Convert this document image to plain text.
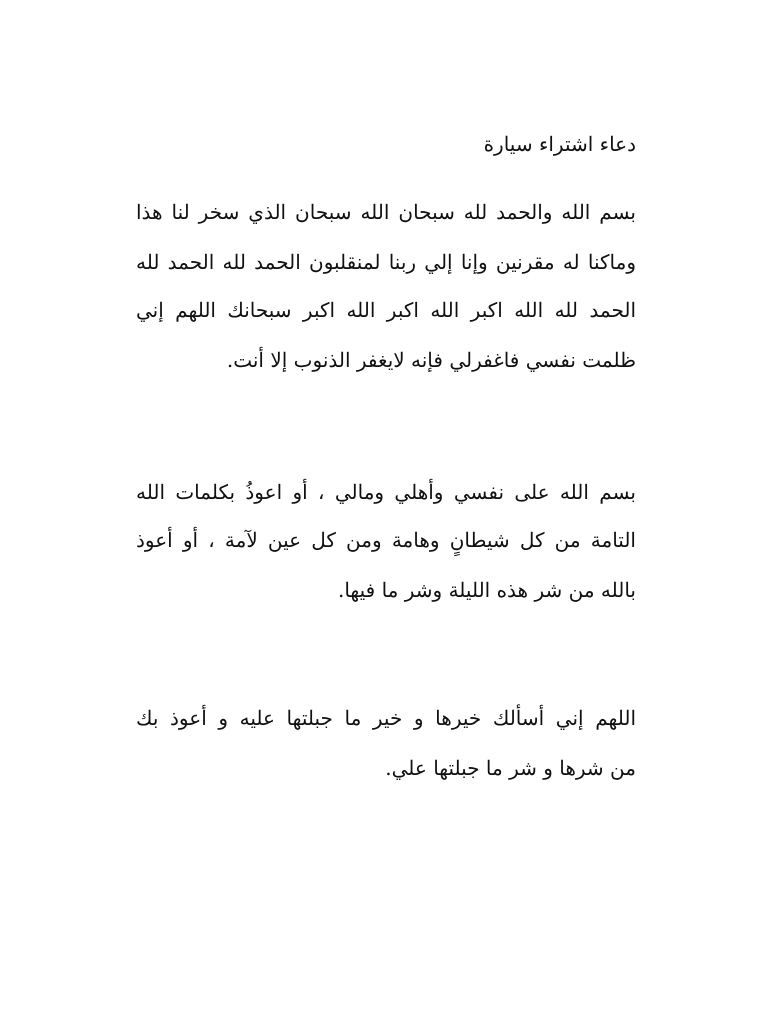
دعاء اشتراء سيارة
بسم الله والحمد لله سبحان الله سبحان الذي سخر لنا هذا
وماكنا له مقرنين وإنا إلي ربنا لمنقلبون الحمد لله الحمد لله
الحمد لله الله اكبر الله اكبر الله اكبر سبحانك اللهم إني
ظلمت نفسي فاغفرلي فإنه لايغفر الذنوب إلا أنت.
بسم الله على نفسي وأهلي ومالي ، أو اعوذُ بكلمات الله
التامة من كل شيطانٍ وهامة ومن كل عين لآمة ، أو أعوذ
بالله من شر هذه الليلة وشر ما فيها.
اللهم إني أسألك خيرها و خير ما جبلتها عليه و أعوذ بك
من شرها و شر ما جبلتها علي.
